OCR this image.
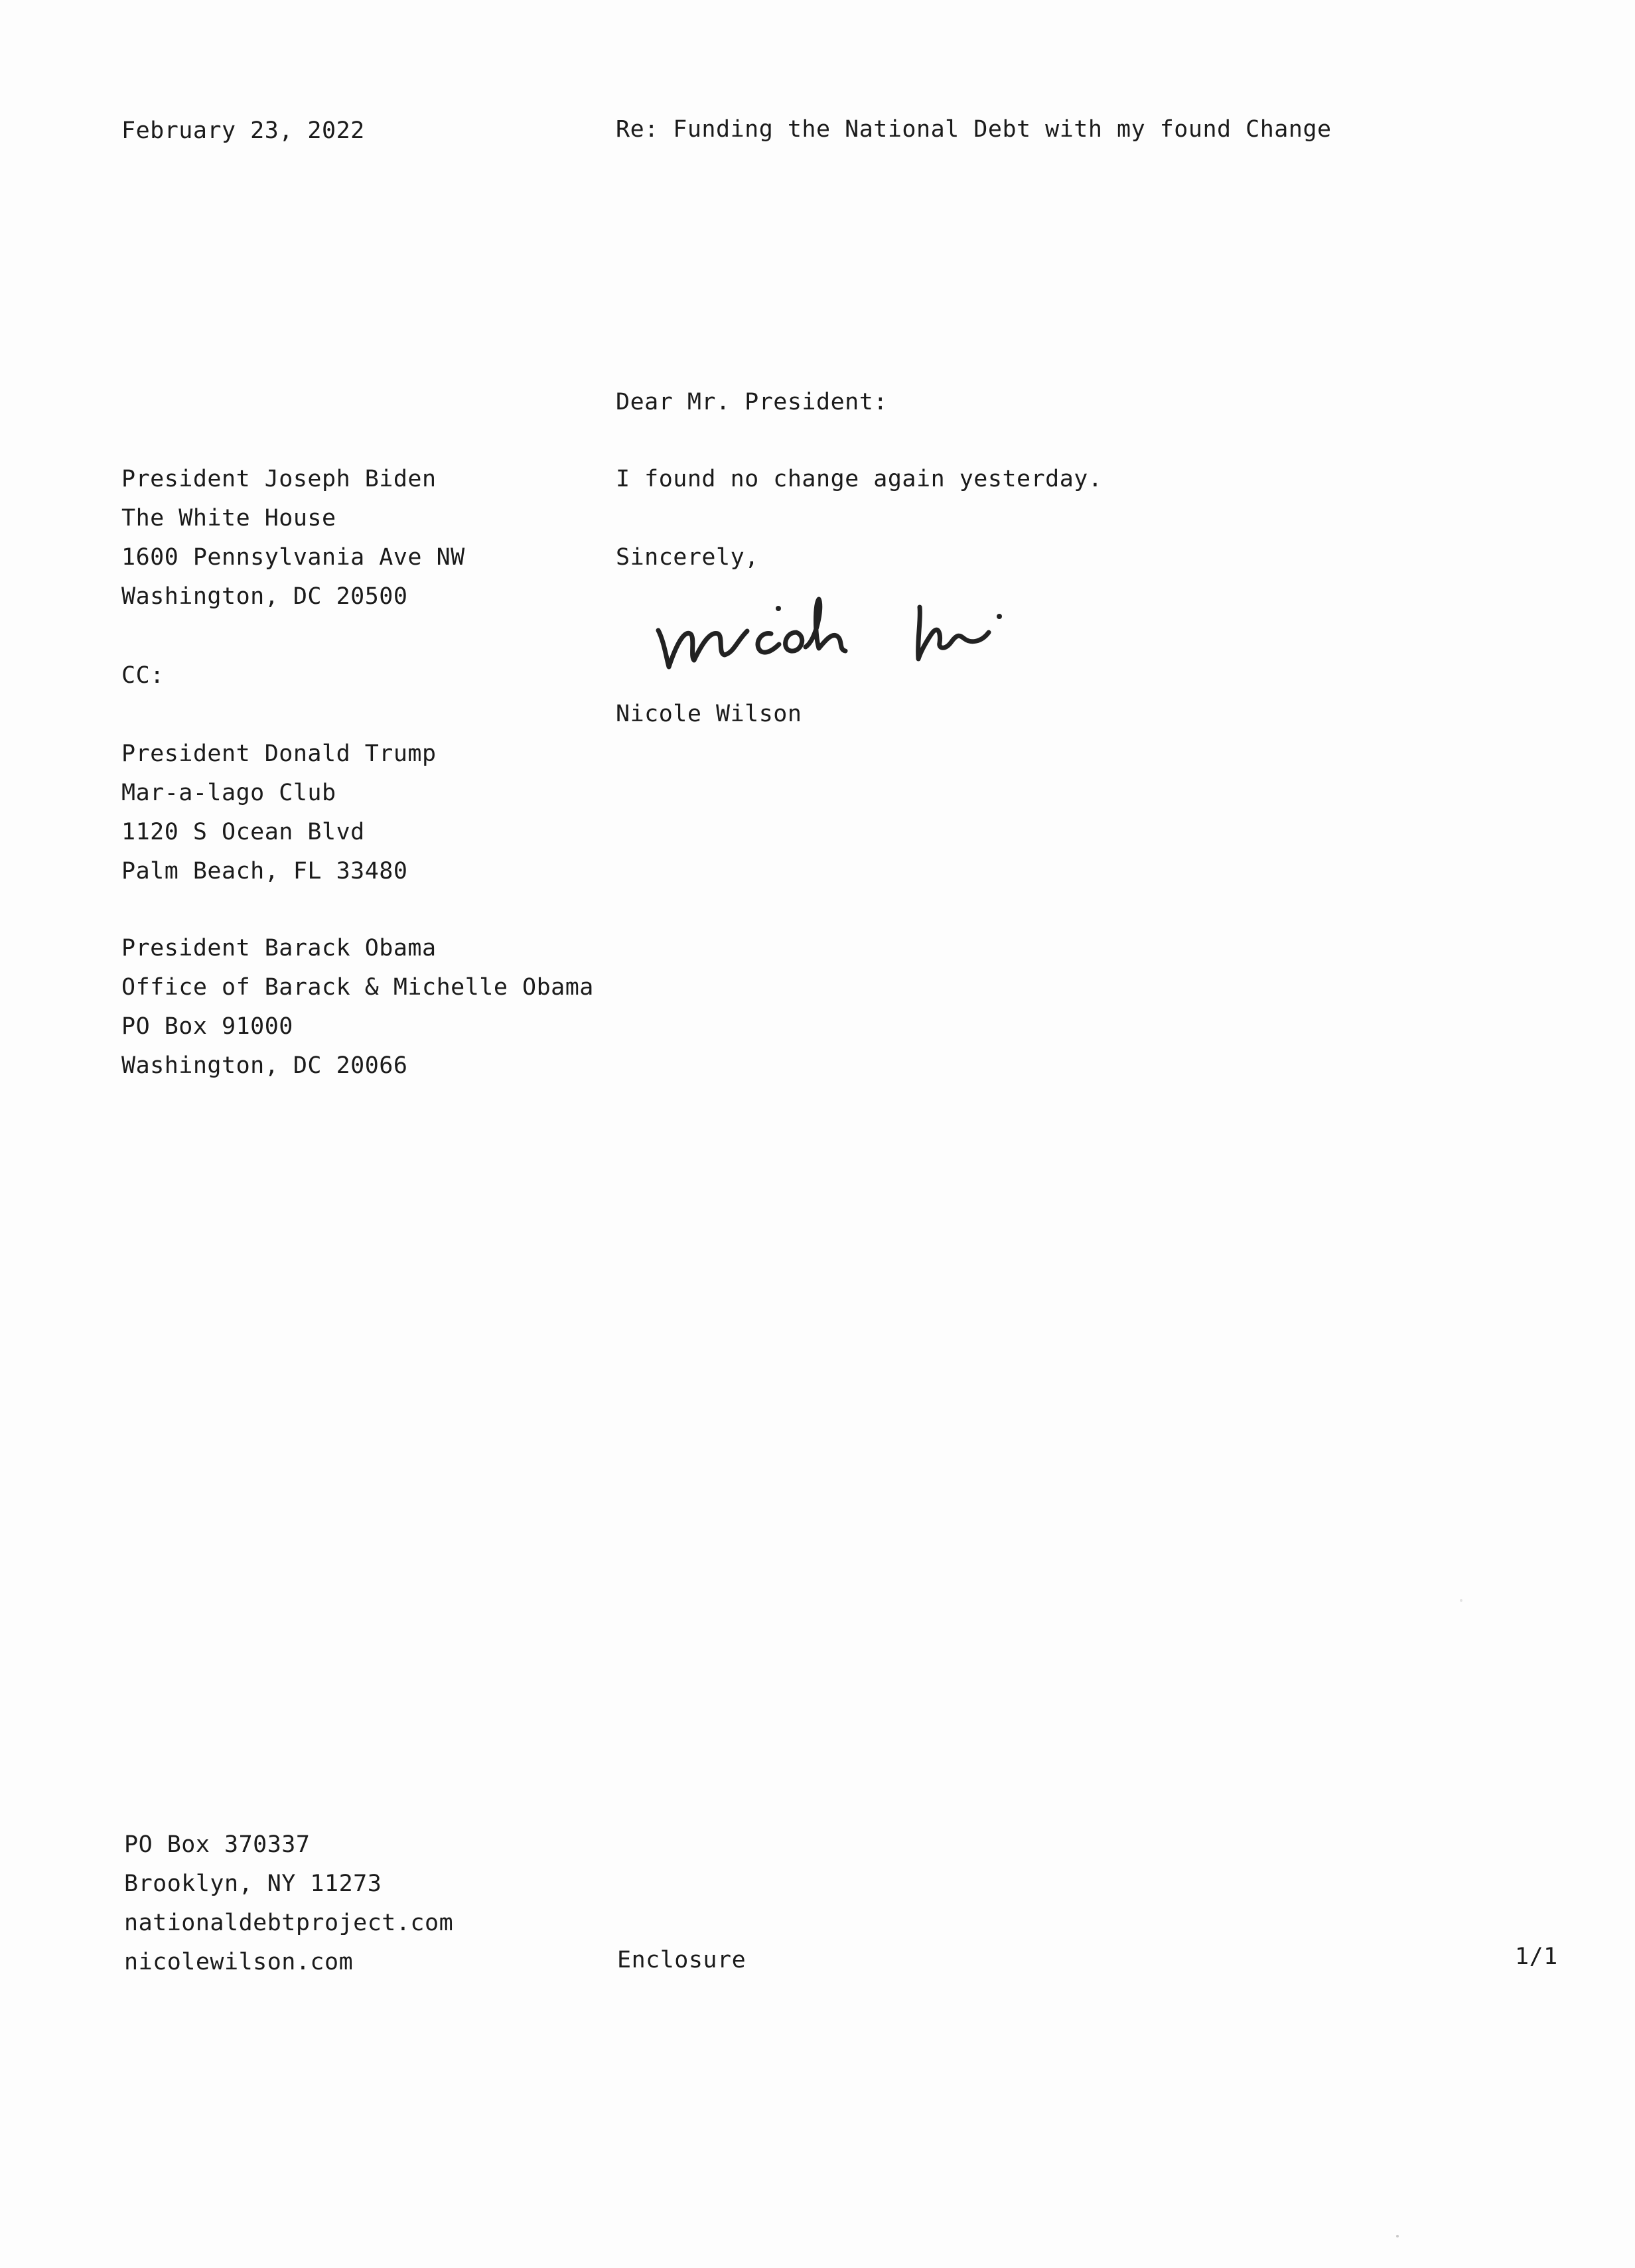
February 23, 2022	Re: Funding the National Debt with my found Change
Dear Mr. President:
President Joseph Biden
The White House
1600 Pennsylvania Ave NW
Washington, DC 20500
I found no change again yesterday.
Sincerely,
Nicole Wilson
CC:
President Donald Trump
Mar-a-lago Club
1120 S Ocean Blvd
Palm Beach, FL 33480
President Barack Obama
Office of Barack & Michelle Obama
PO Box 91000
Washington, DC 20066
PO Box 370337
Brooklyn, NY 11273
nationaldebtproject.com
nicolewilson.com	Enclosure	1/1
